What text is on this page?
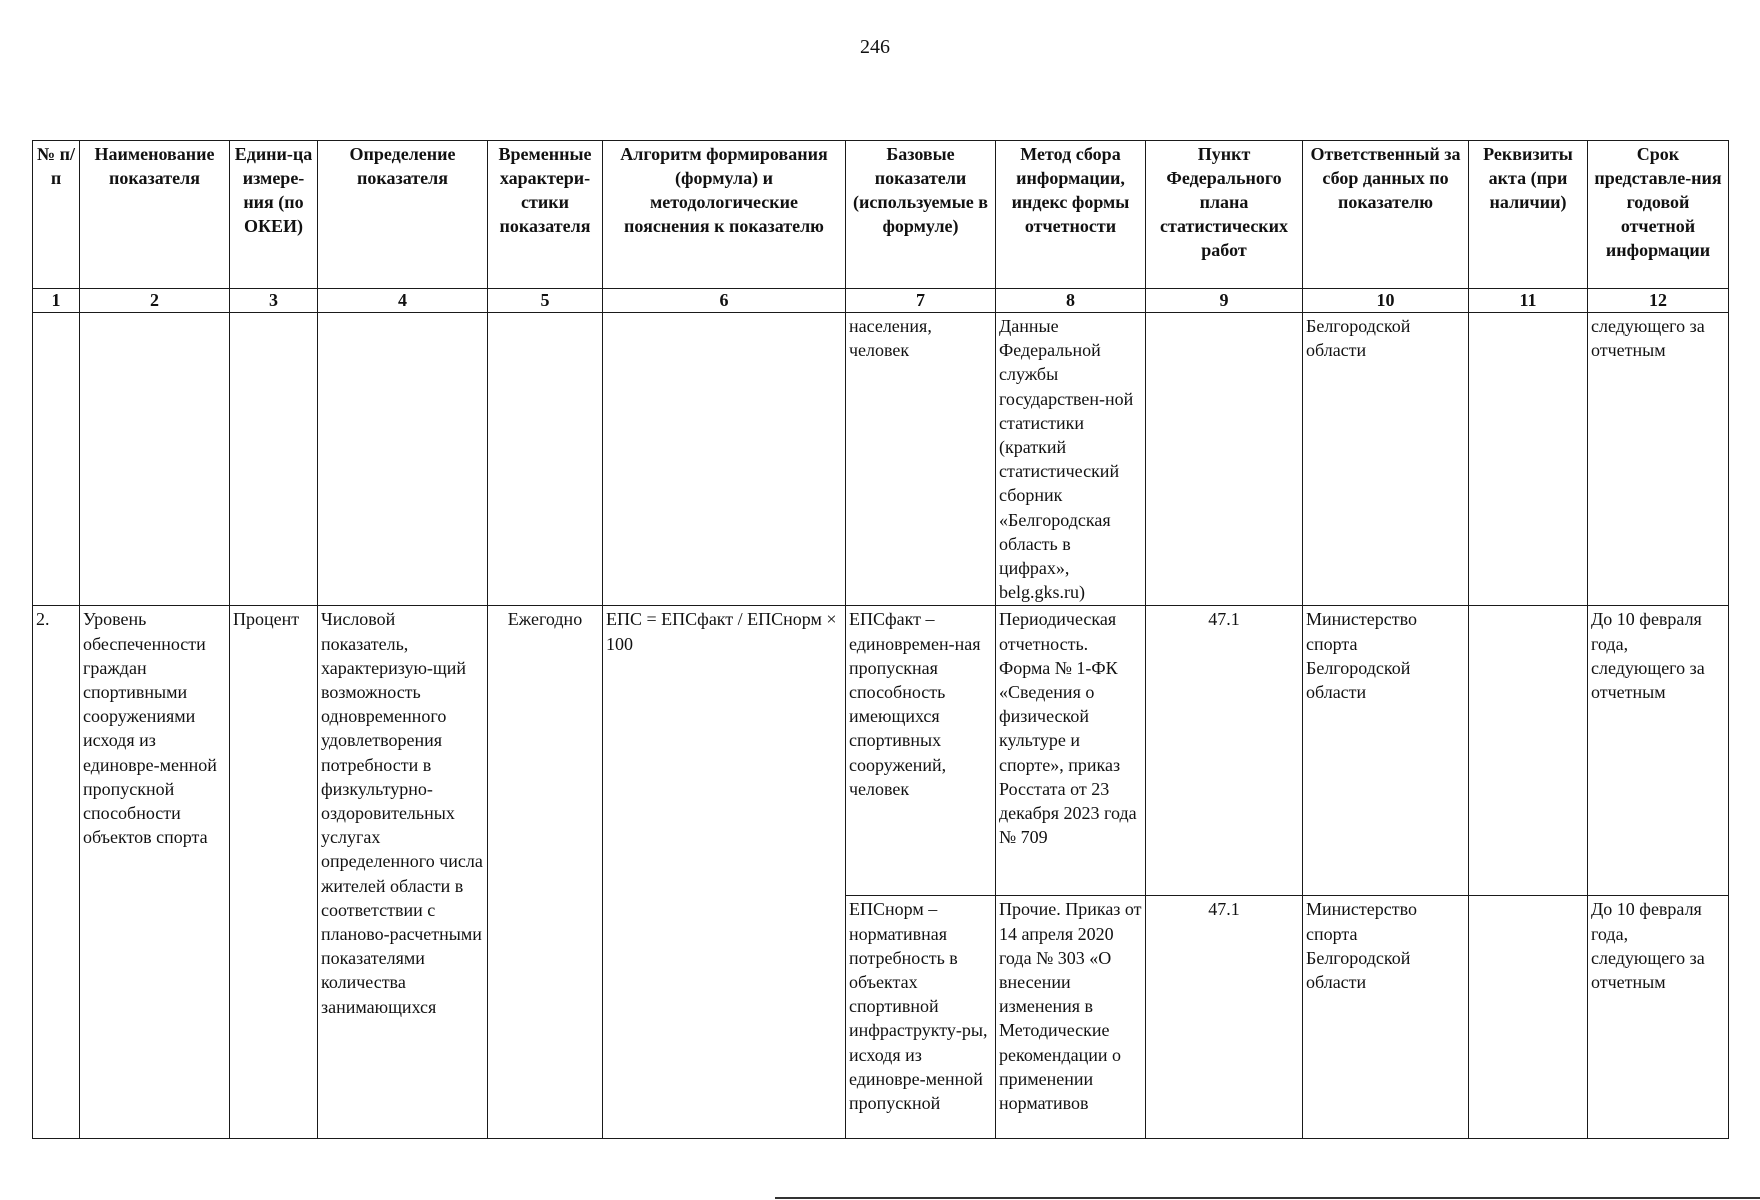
246
№ п/п	Наименование показателя	Едини-ца измере-ния (по ОКЕИ)	Определение показателя	Временные характери-стики показателя	Алгоритм формирования (формула) и методологические пояснения к показателю	Базовые показатели (используемые в формуле)	Метод сбора информации, индекс формы отчетности	Пункт Федерального плана статистических работ	Ответственный за сбор данных по показателю	Реквизиты акта (при наличии)	Срок представле-ния годовой отчетной информации
1	2	3	4	5	6	7	8	9	10	11	12
						населения, человек	Данные Федеральной службы государствен-ной статистики (краткий статистический сборник «Белгородская область в цифрах», belg.gks.ru)		Белгородской области		следующего за отчетным
2.	Уровень обеспеченности граждан спортивными сооружениями исходя из единовре-менной пропускной способности объектов спорта	Процент	Числовой показатель, характеризую-щий возможность одновременного удовлетворения потребности в физкультурно-оздоровительных услугах определенного числа жителей области в соответствии с планово-расчетными показателями количества занимающихся	Ежегодно	ЕПС = ЕПСфакт / ЕПСнорм × 100	ЕПСфакт – единовремен-ная пропускная способность имеющихся спортивных сооружений, человек	Периодическая отчетность. Форма № 1-ФК «Сведения о физической культуре и спорте», приказ Росстата от 23 декабря 2023 года № 709	47.1	Министерство спорта Белгородской области		До 10 февраля года, следующего за отчетным
						ЕПСнорм – нормативная потребность в объектах спортивной инфраструкту-ры, исходя из единовре-менной пропускной	Прочие. Приказ от 14 апреля 2020 года № 303 «О внесении изменения в Методические рекомендации о применении нормативов	47.1	Министерство спорта Белгородской области		До 10 февраля года, следующего за отчетным
